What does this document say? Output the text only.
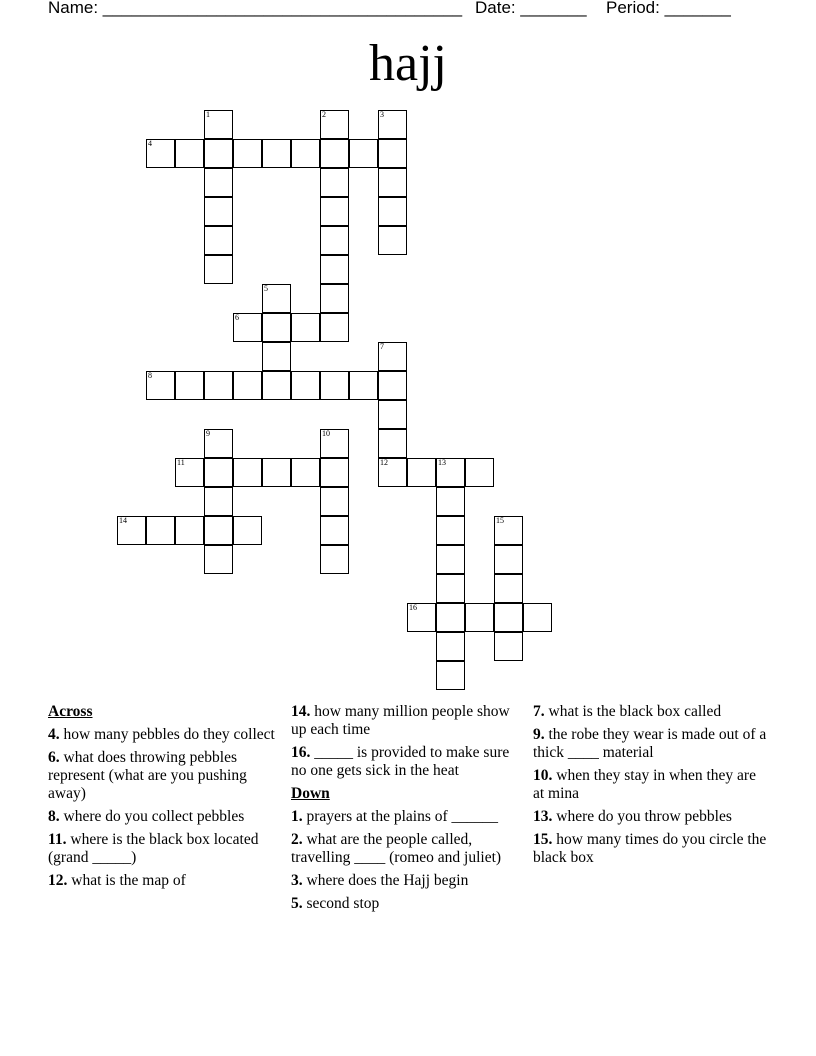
Name: ______________________________________

Date: _______

Period: _______

hajj
1	2	3
4
5
6
7
12
8
9	10
11	13
14	15
16
Across
4. how many pebbles do they collect
6. what does throwing pebbles represent (what are you pushing away)
8. where do you collect pebbles
11. where is the black box located (grand _____)
12. what is the map of
14. how many million people show up each time
16. _____ is provided to make sure no one gets sick in the heat
Down
1. prayers at the plains of ______
2. what are the people called, travelling ____ (romeo and juliet)
3. where does the Hajj begin
5. second stop
7. what is the black box called
9. the robe they wear is made out of a thick ____ material
10. when they stay in when they are at mina
13. where do you throw pebbles
15. how many times do you circle the black box
